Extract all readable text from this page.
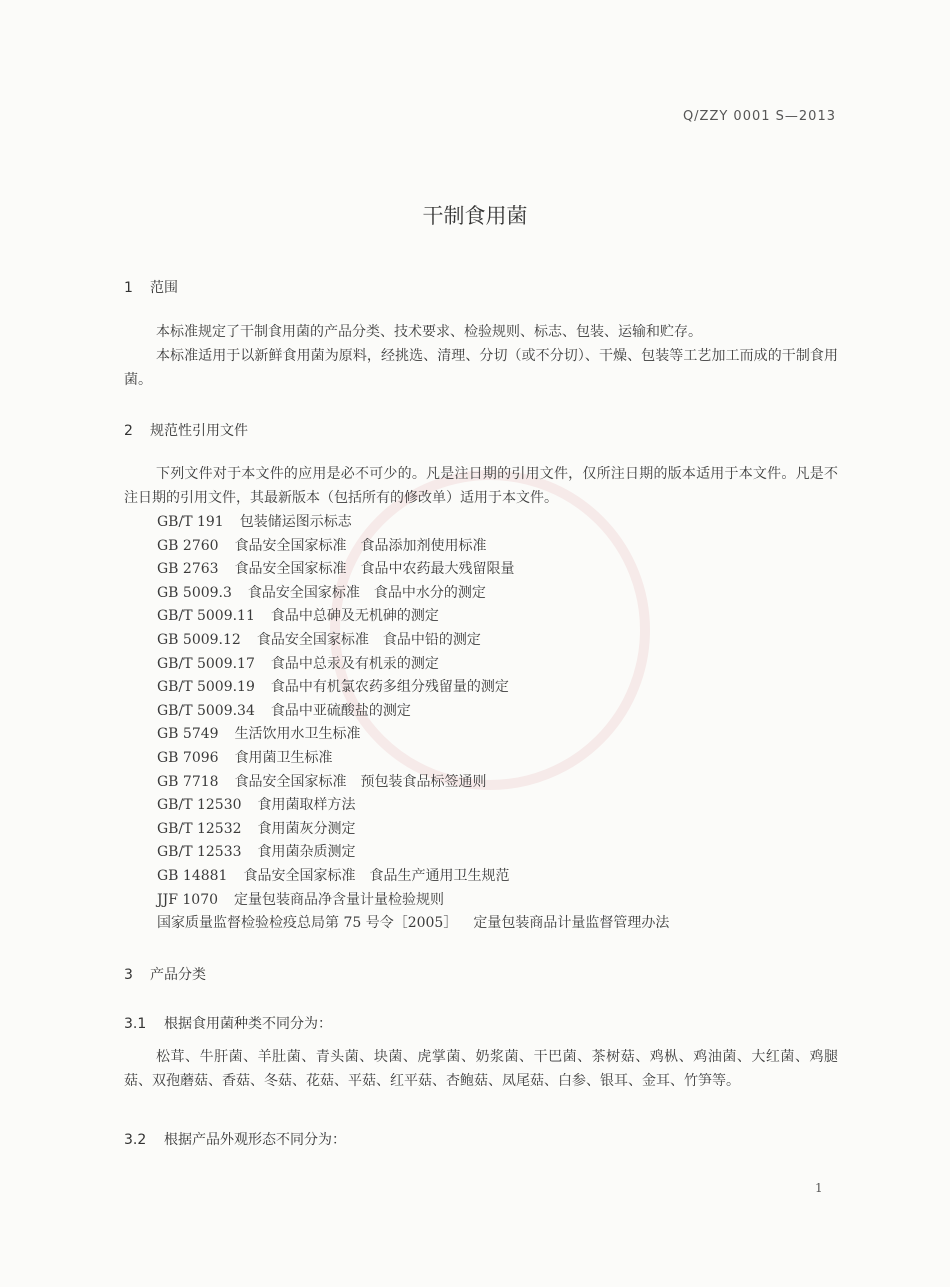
Q/ZZY 0001 S—2013
干制食用菌
1 范围

本标准规定了干制食用菌的产品分类、技术要求、检验规则、标志、包装、运输和贮存。

本标准适用于以新鲜食用菌为原料，经挑选、清理、分切（或不分切）、干燥、包装等工艺加工而成的干制食用菌。

2 规范性引用文件

下列文件对于本文件的应用是必不可少的。凡是注日期的引用文件，仅所注日期的版本适用于本文件。凡是不注日期的引用文件，其最新版本（包括所有的修改单）适用于本文件。

GB/T 191 包装储运图示标志
GB 2760 食品安全国家标准　食品添加剂使用标准
GB 2763 食品安全国家标准　食品中农药最大残留限量
GB 5009.3 食品安全国家标准　食品中水分的测定
GB/T 5009.11 食品中总砷及无机砷的测定
GB 5009.12 食品安全国家标准　食品中铅的测定
GB/T 5009.17 食品中总汞及有机汞的测定
GB/T 5009.19 食品中有机氯农药多组分残留量的测定
GB/T 5009.34 食品中亚硫酸盐的测定
GB 5749 生活饮用水卫生标准
GB 7096 食用菌卫生标准
GB 7718 食品安全国家标准　预包装食品标签通则
GB/T 12530 食用菌取样方法
GB/T 12532 食用菌灰分测定
GB/T 12533 食用菌杂质测定
GB 14881 食品安全国家标准　食品生产通用卫生规范
JJF 1070 定量包装商品净含量计量检验规则
国家质量监督检验检疫总局第 75 号令［2005］ 定量包装商品计量监督管理办法
3 产品分类
3.1 根据食用菌种类不同分为：

松茸、牛肝菌、羊肚菌、青头菌、块菌、虎掌菌、奶浆菌、干巴菌、茶树菇、鸡枞、鸡油菌、大红菌、鸡腿菇、双孢蘑菇、香菇、冬菇、花菇、平菇、红平菇、杏鲍菇、凤尾菇、白参、银耳、金耳、竹笋等。

3.2 根据产品外观形态不同分为：
1
